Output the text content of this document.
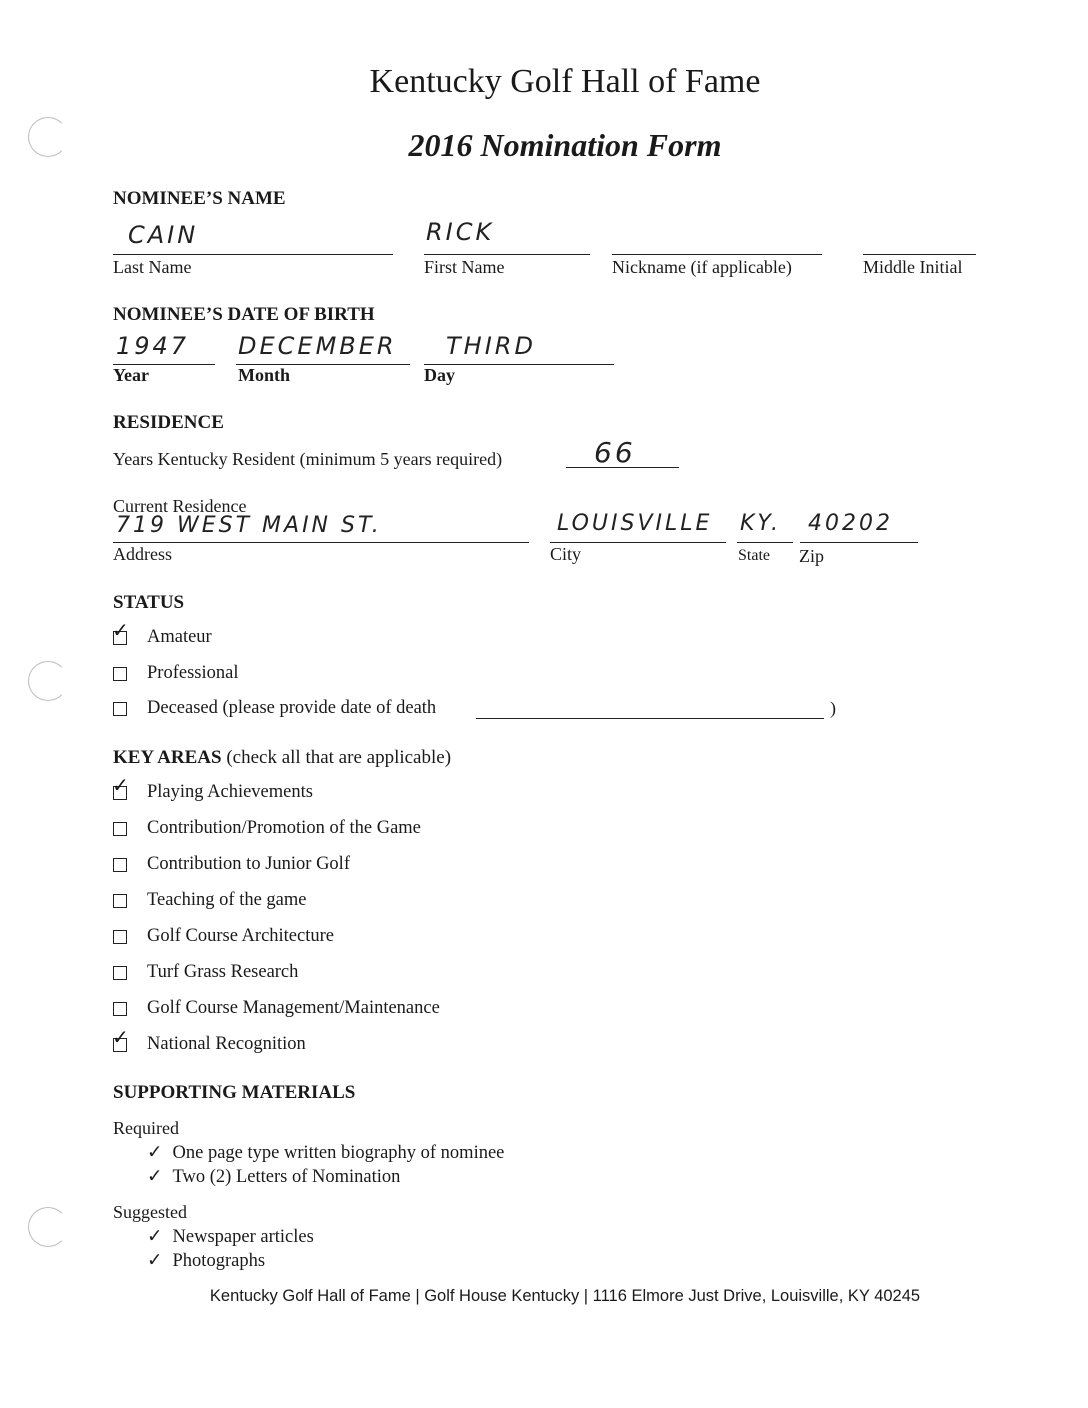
Kentucky Golf Hall of Fame
2016 Nomination Form
NOMINEE’S NAME
CAIN
Last Name
RICK
First Name	Nickname (if applicable)	Middle Initial
NOMINEE’S DATE OF BIRTH
1947
Year
DECEMBER
Month
THIRD
Day
RESIDENCE
Years Kentucky Resident (minimum 5 years required)	66
Current Residence
719 WEST MAIN ST.
Address
LOUISVILLE
City
KY.
State
40202
Zip
STATUS
✓ Amateur
Professional
Deceased (please provide date of death	)
KEY AREAS (check all that are applicable)
✓ Playing Achievements
Contribution/Promotion of the Game
Contribution to Junior Golf
Teaching of the game
Golf Course Architecture
Turf Grass Research
Golf Course Management/Maintenance
✓ National Recognition
SUPPORTING MATERIALS
Required
✓ One page type written biography of nominee
✓ Two (2) Letters of Nomination
Suggested
✓ Newspaper articles
✓ Photographs
Kentucky Golf Hall of Fame | Golf House Kentucky | 1116 Elmore Just Drive, Louisville, KY 40245
